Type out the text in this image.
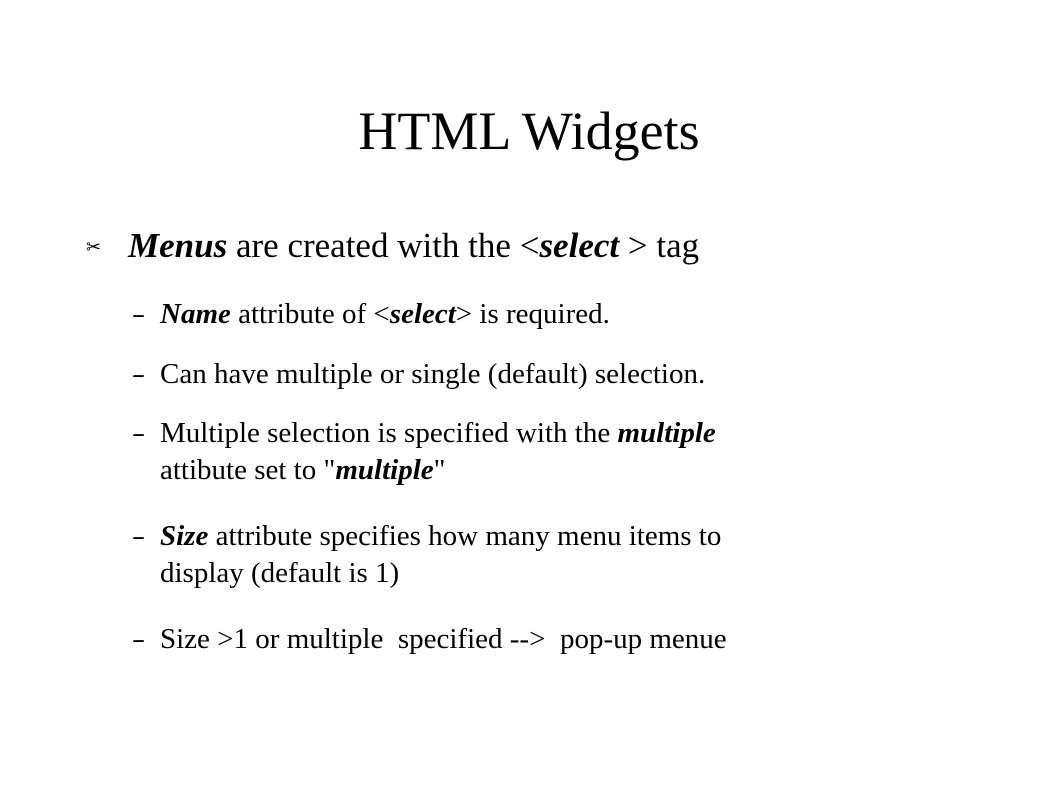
HTML Widgets
✂ Menus are created with the <select > tag
– Name attribute of <select> is required.
– Can have multiple or single (default) selection.
– Multiple selection is specified with the multiple
attibute set to "multiple"
– Size attribute specifies how many menu items to
display (default is 1)
– Size >1 or multiple  specified -->  pop-up menue
